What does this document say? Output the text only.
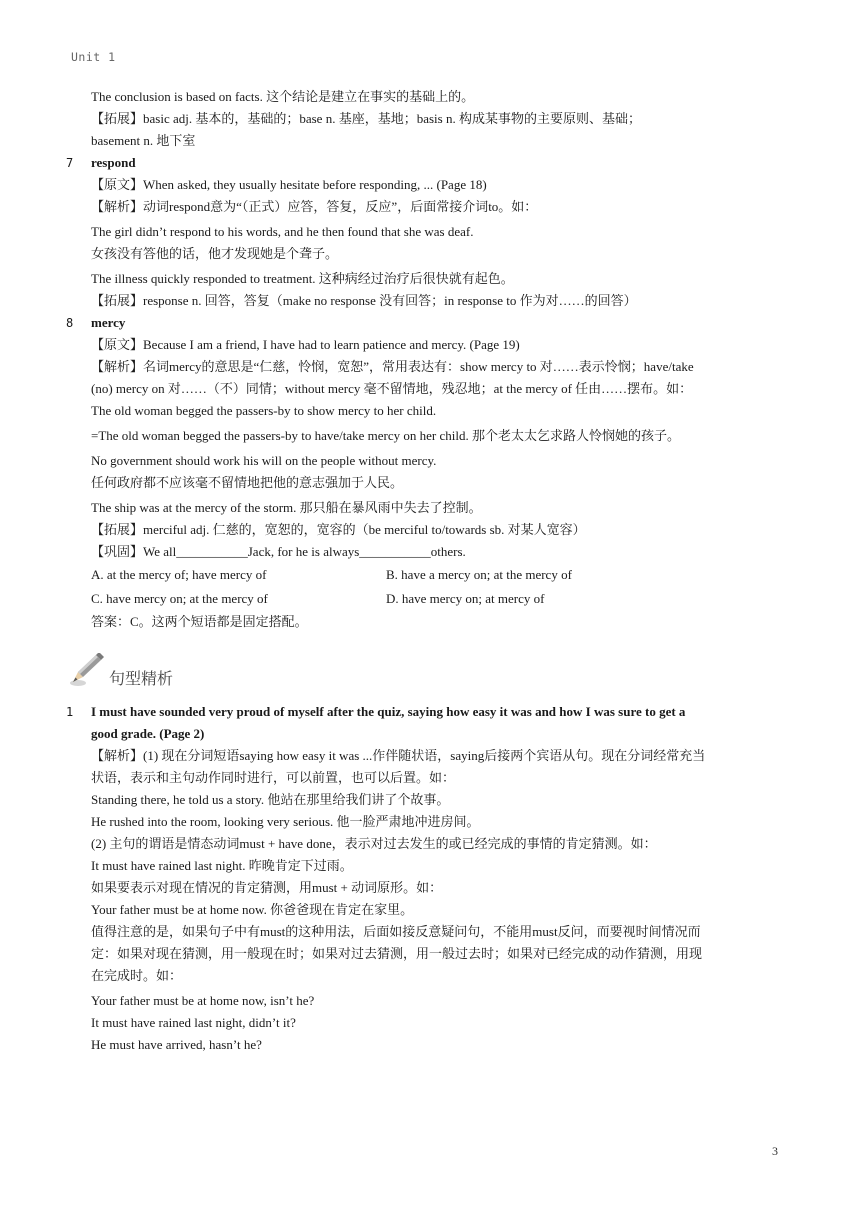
Unit 1

The conclusion is based on facts. 这个结论是建立在事实的基础上的。

【拓展】basic adj. 基本的，基础的；base n. 基座，基地；basis n. 构成某事物的主要原则、基础；

basement n. 地下室

7 respond

【原文】When asked, they usually hesitate before responding, ... (Page 18)

【解析】动词respond意为“（正式）应答，答复，反应”，后面常接介词to。如：

The girl didn’t respond to his words, and he then found that she was deaf.

女孩没有答他的话，他才发现她是个聋子。

The illness quickly responded to treatment. 这种病经过治疗后很快就有起色。

【拓展】response n. 回答，答复（make no response 没有回答；in response to 作为对……的回答）

8 mercy

【原文】Because I am a friend, I have had to learn patience and mercy. (Page 19)

【解析】名词mercy的意思是“仁慈，怜悯，宽恕”，常用表达有：show mercy to 对……表示怜悯；have/take

(no) mercy on 对……（不）同情；without mercy 毫不留情地，残忍地；at the mercy of 任由……摆布。如：

The old woman begged the passers-by to show mercy to her child.

=The old woman begged the passers-by to have/take mercy on her child. 那个老太太乞求路人怜悯她的孩子。

No government should work his will on the people without mercy.

任何政府都不应该毫不留情地把他的意志强加于人民。

The ship was at the mercy of the storm. 那只船在暴风雨中失去了控制。

【拓展】merciful adj. 仁慈的，宽恕的，宽容的（be merciful to/towards sb. 对某人宽容）

【巩固】We all___________Jack, for he is always___________others.

A. at the mercy of; have mercy of	B. have a mercy on; at the mercy of
C. have mercy on; at the mercy of	D. have mercy on; at mercy of

答案：C。这两个短语都是固定搭配。

句型精析
1 I must have sounded very proud of myself after the quiz, saying how easy it was and how I was sure to get a

good grade. (Page 2)

【解析】(1) 现在分词短语saying how easy it was ...作伴随状语，saying后接两个宾语从句。现在分词经常充当

状语，表示和主句动作同时进行，可以前置，也可以后置。如：

Standing there, he told us a story. 他站在那里给我们讲了个故事。

He rushed into the room, looking very serious. 他一脸严肃地冲进房间。

(2) 主句的谓语是情态动词must + have done，表示对过去发生的或已经完成的事情的肯定猜测。如：

It must have rained last night. 昨晚肯定下过雨。

如果要表示对现在情况的肯定猜测，用must + 动词原形。如：

Your father must be at home now. 你爸爸现在肯定在家里。

值得注意的是，如果句子中有must的这种用法，后面如接反意疑问句，不能用must反问，而要视时间情况而

定：如果对现在猜测，用一般现在时；如果对过去猜测，用一般过去时；如果对已经完成的动作猜测，用现

在完成时。如：

Your father must be at home now, isn’t he?

It must have rained last night, didn’t it?

He must have arrived, hasn’t he?

3
